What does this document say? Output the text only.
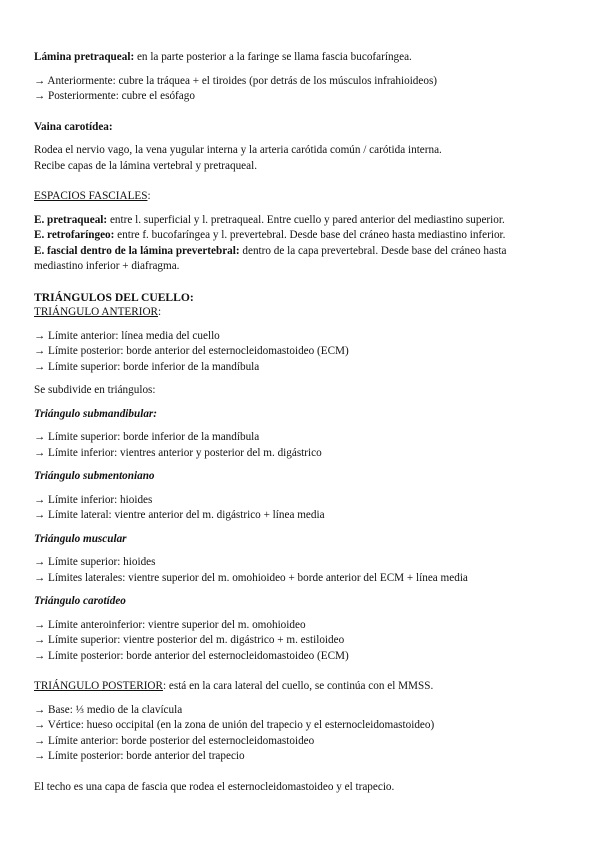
Lámina pretraqueal: en la parte posterior a la faringe se llama fascia bucofaríngea.

→ Anteriormente: cubre la tráquea + el tiroides (por detrás de los músculos infrahioideos)

→ Posteriormente: cubre el esófago

Vaina carotídea:

Rodea el nervio vago, la vena yugular interna y la arteria carótida común / carótida interna.

Recibe capas de la lámina vertebral y pretraqueal.

ESPACIOS FASCIALES:

E. pretraqueal: entre l. superficial y l. pretraqueal. Entre cuello y pared anterior del mediastino superior.

E. retrofaríngeo: entre f. bucofaríngea y l. prevertebral. Desde base del cráneo hasta mediastino inferior.

E. fascial dentro de la lámina prevertebral: dentro de la capa prevertebral. Desde base del cráneo hasta

mediastino inferior + diafragma.

TRIÁNGULOS DEL CUELLO:

TRIÁNGULO ANTERIOR:

→ Límite anterior: línea media del cuello

→ Límite posterior: borde anterior del esternocleidomastoideo (ECM)

→ Límite superior: borde inferior de la mandíbula

Se subdivide en triángulos:

Triángulo submandibular:

→ Límite superior: borde inferior de la mandíbula

→ Límite inferior: vientres anterior y posterior del m. digástrico

Triángulo submentoniano

→ Límite inferior: hioides

→ Límite lateral: vientre anterior del m. digástrico + línea media

Triángulo muscular

→ Límite superior: hioides

→ Límites laterales: vientre superior del m. omohioideo + borde anterior del ECM + línea media

Triángulo carotídeo

→ Límite anteroinferior: vientre superior del m. omohioideo

→ Límite superior: vientre posterior del m. digástrico + m. estiloideo

→ Límite posterior: borde anterior del esternocleidomastoideo (ECM)

TRIÁNGULO POSTERIOR: está en la cara lateral del cuello, se continúa con el MMSS.

→ Base: ⅓ medio de la clavícula

→ Vértice: hueso occipital (en la zona de unión del trapecio y el esternocleidomastoideo)

→ Límite anterior: borde posterior del esternocleidomastoideo

→ Límite posterior: borde anterior del trapecio

El techo es una capa de fascia que rodea el esternocleidomastoideo y el trapecio.
